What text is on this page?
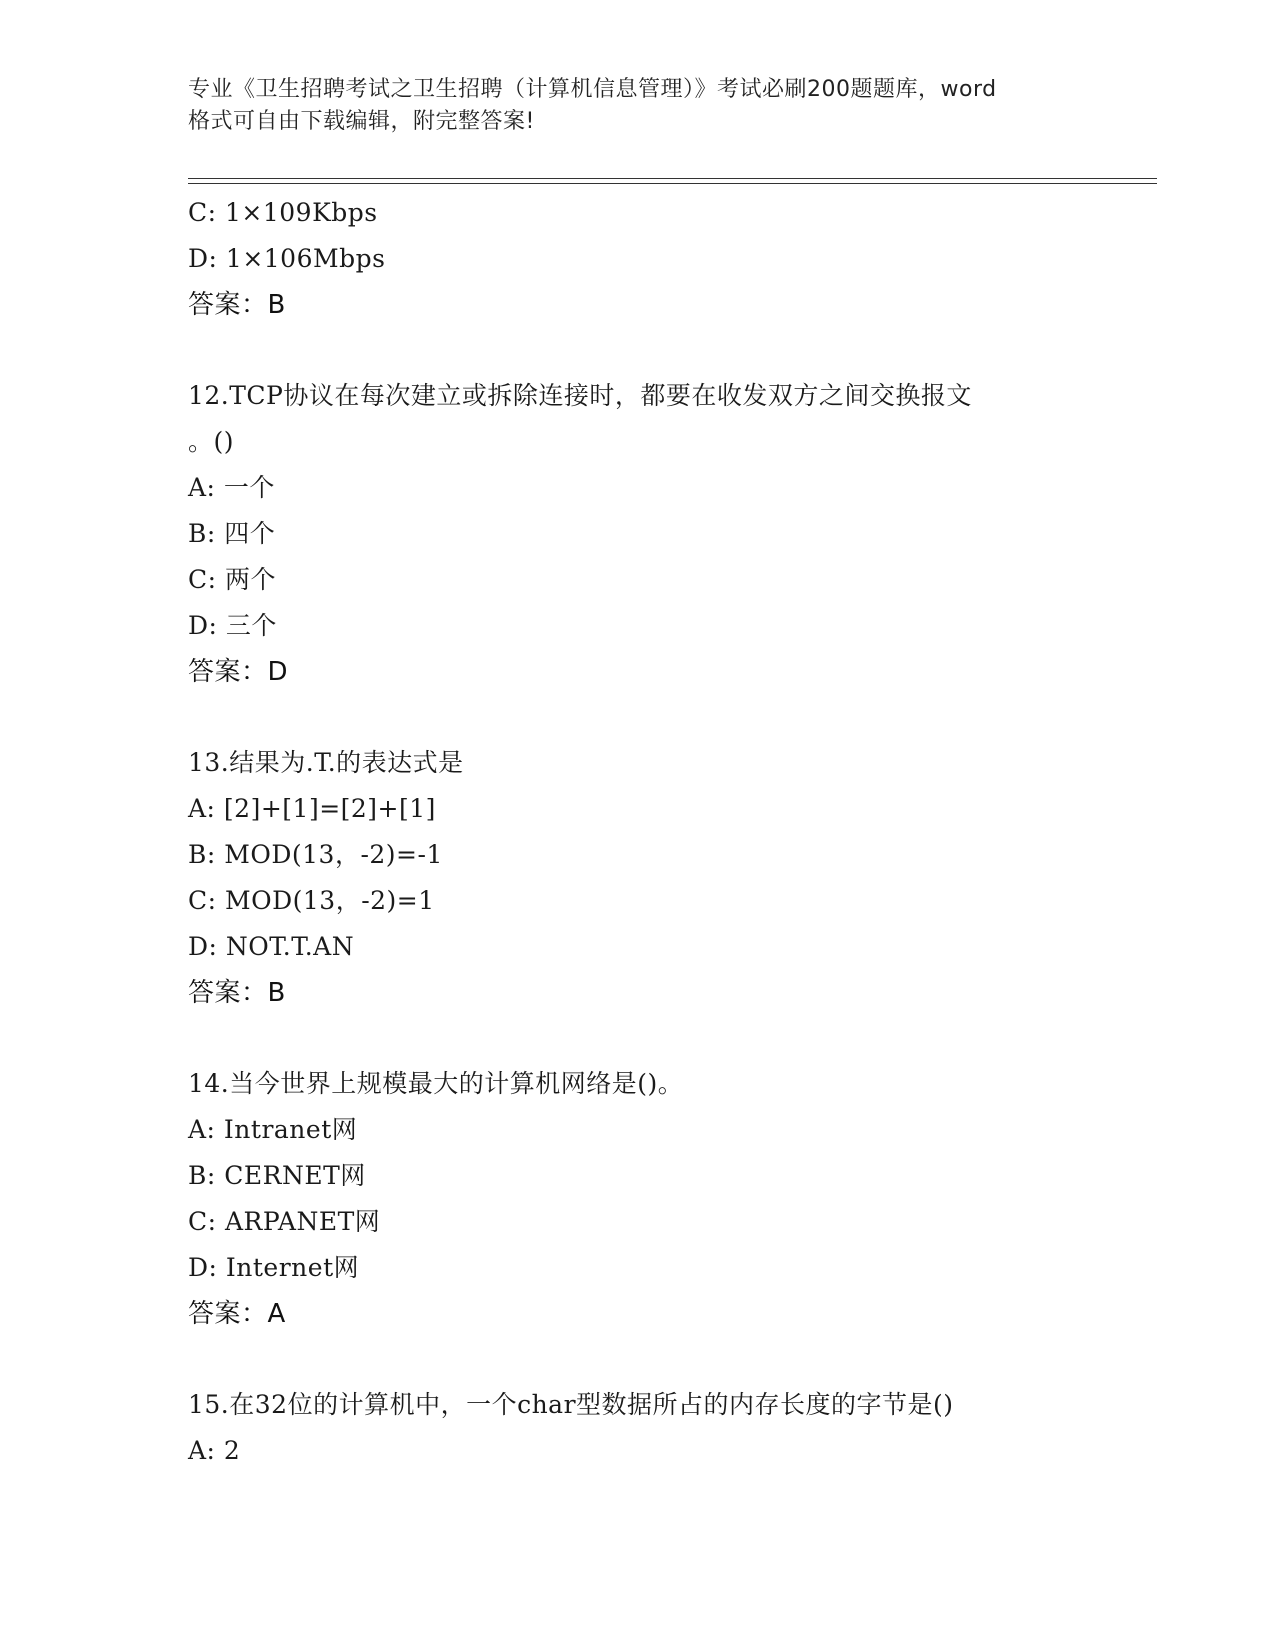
专业《卫生招聘考试之卫生招聘（计算机信息管理）》考试必刷200题题库，word
格式可自由下载编辑，附完整答案!
C: 1×109Kbps
D: 1×106Mbps
答案：B
12.TCP协议在每次建立或拆除连接时，都要在收发双方之间交换报文
。()
A: 一个
B: 四个
C: 两个
D: 三个
答案：D
13.结果为.T.的表达式是
A: [2]+[1]=[2]+[1]
B: MOD(13，-2)=-1
C: MOD(13，-2)=1
D: NOT.T.AN
答案：B
14.当今世界上规模最大的计算机网络是()。
A: Intranet网
B: CERNET网
C: ARPANET网
D: Internet网
答案：A
15.在32位的计算机中，一个char型数据所占的内存长度的字节是()
A: 2
